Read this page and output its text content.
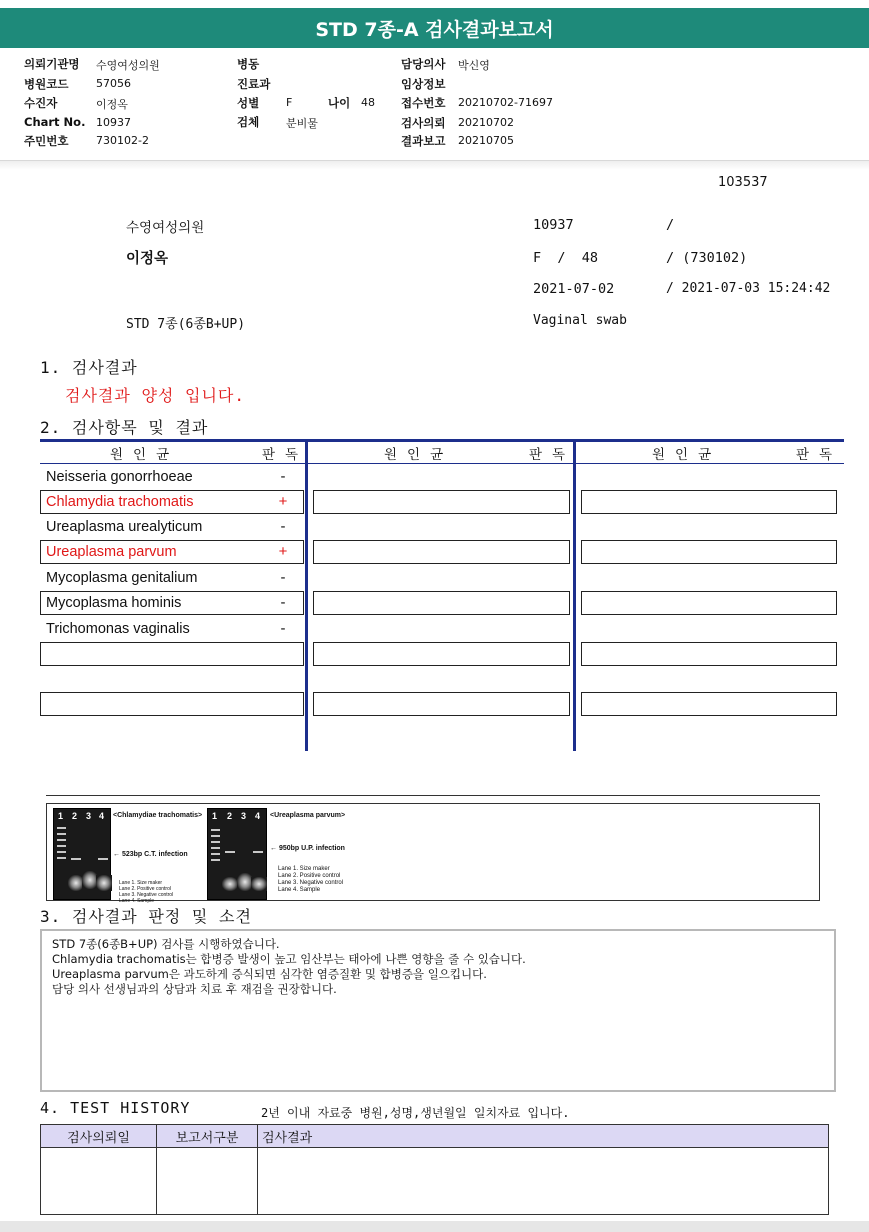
STD 7종-A 검사결과보고서
의뢰기관명 수영여성의원
병원코드	57056
수진자	이정옥
Chart No. 10937
주민번호	730102-2
병동
진료과
성별 F	나이 48
검체 분비물
담당의사 박신영
임상정보
접수번호 20210702-71697
검사의뢰 20210702
결과보고 20210705
103537
수영여성의원	10937	/
이정옥	F  /  48	/ (730102)
2021-07-02	/ 2021-07-03 15:24:42
STD 7종(6종B+UP)	Vaginal swab
1. 검사결과
검사결과 양성 입니다.
2. 검사항목 및 결과
원인균	판독	원인균	판독	원인균	판독
Neisseria gonorrhoeae	-
Chlamydia trachomatis	+
Ureaplasma urealyticum	-
Ureaplasma parvum	+
Mycoplasma genitalium	-
Mycoplasma hominis	-
Trichomonas vaginalis	-
1 2 3 4 <Chlamydiae trachomatis>
← 523bp C.T. infection
Lane 1. Size maker
Lane 2. Positive control
Lane 3. Negative control
Lane 4. Sample
1 2 3 4 <Ureaplasma parvum>
← 950bp U.P. infection
Lane 1. Size maker
Lane 2. Positive control
Lane 3. Negative control
Lane 4. Sample
3. 검사결과 판정 및 소견
STD 7종(6종B+UP) 검사를 시행하였습니다.
Chlamydia trachomatis는 합병증 발생이 높고 임산부는 태아에 나쁜 영향을 줄 수 있습니다.
Ureaplasma parvum은 과도하게 증식되면 심각한 염증질환 및 합병증을 일으킵니다.
담당 의사 선생님과의 상담과 치료 후 재검을 권장합니다.
4. TEST HISTORY	2년 이내 자료중 병원,성명,생년월일 일치자료 입니다.
검사의뢰일	보고서구분	검사결과
